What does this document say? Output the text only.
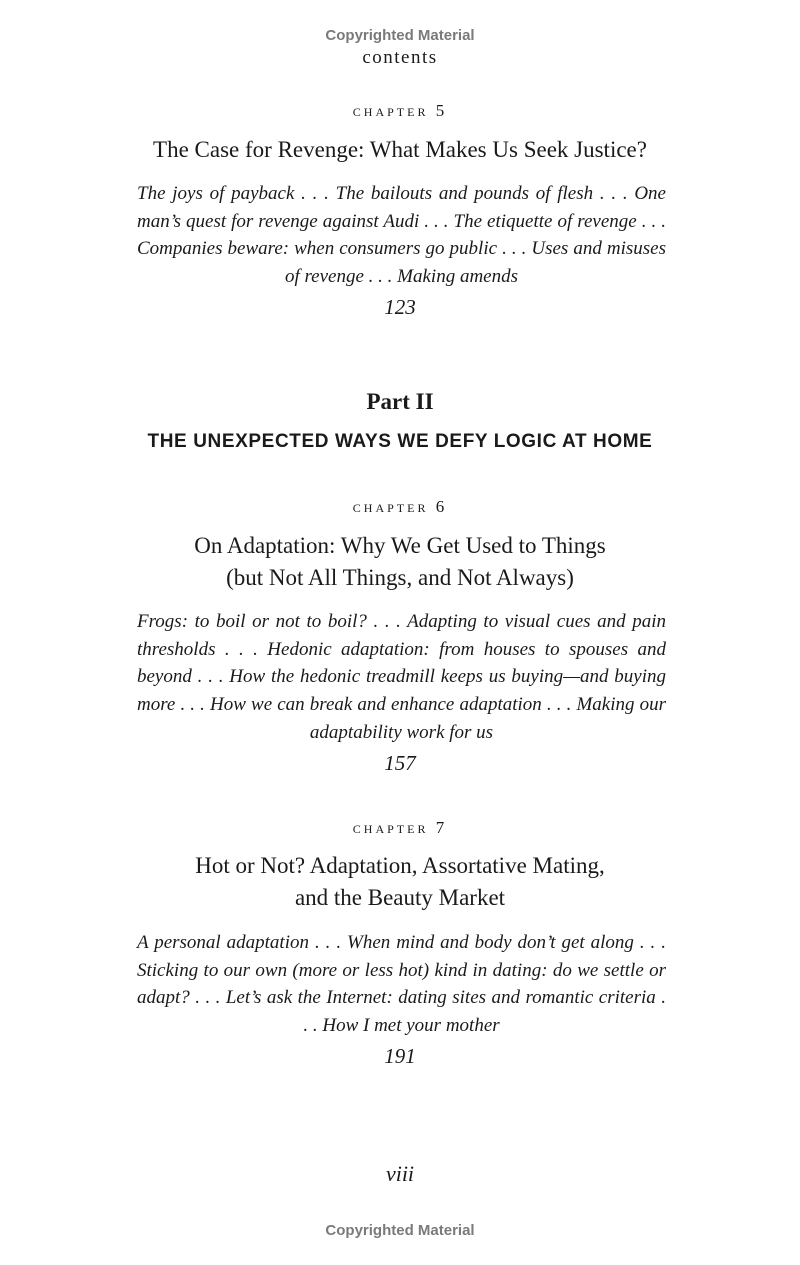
Copyrighted Material
contents
chapter 5
The Case for Revenge: What Makes Us Seek Justice?
The joys of payback . . . The bailouts and pounds of flesh . . . One man’s quest for revenge against Audi . . . The etiquette of revenge . . . Companies beware: when consumers go public . . . Uses and misuses of revenge . . . Making amends
123
Part II
THE UNEXPECTED WAYS WE DEFY LOGIC AT HOME
chapter 6
On Adaptation: Why We Get Used to Things
(but Not All Things, and Not Always)
Frogs: to boil or not to boil? . . . Adapting to visual cues and pain thresholds . . . Hedonic adaptation: from houses to spouses and beyond . . . How the hedonic treadmill keeps us buying—and buying more . . . How we can break and enhance adaptation . . . Making our adaptability work for us
157
chapter 7
Hot or Not? Adaptation, Assortative Mating,
and the Beauty Market
A personal adaptation . . . When mind and body don’t get along . . . Sticking to our own (more or less hot) kind in dating: do we settle or adapt? . . . Let’s ask the Internet: dating sites and romantic criteria . . . How I met your mother
191
viii
Copyrighted Material
